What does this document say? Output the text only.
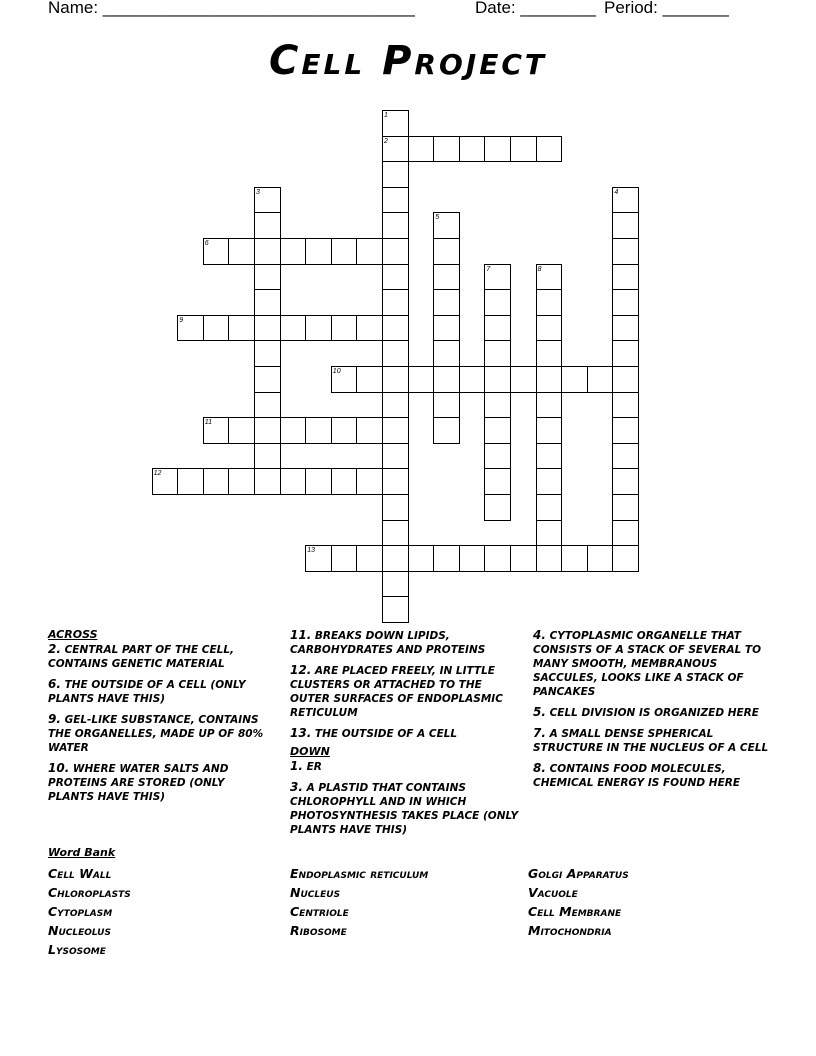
Name: _________________________________	Date: ________ Period: _______
Cell Project
1
2
3	4
5
6
7	8
9
10
11
12
13
ACROSS
2. CENTRAL PART OF THE CELL, CONTAINS GENETIC MATERIAL
6. THE OUTSIDE OF A CELL (ONLY PLANTS HAVE THIS)
9. GEL-LIKE SUBSTANCE, CONTAINS THE ORGANELLES, MADE UP OF 80% WATER
10. WHERE WATER SALTS AND PROTEINS ARE STORED (ONLY PLANTS HAVE THIS)
11. BREAKS DOWN LIPIDS, CARBOHYDRATES AND PROTEINS
12. ARE PLACED FREELY, IN LITTLE CLUSTERS OR ATTACHED TO THE OUTER SURFACES OF ENDOPLASMIC RETICULUM
13. THE OUTSIDE OF A CELL
DOWN
1. ER
3. A PLASTID THAT CONTAINS CHLOROPHYLL AND IN WHICH PHOTOSYNTHESIS TAKES PLACE (ONLY PLANTS HAVE THIS)
4. CYTOPLASMIC ORGANELLE THAT CONSISTS OF A STACK OF SEVERAL TO MANY SMOOTH, MEMBRANOUS SACCULES, LOOKS LIKE A STACK OF PANCAKES
5. CELL DIVISION IS ORGANIZED HERE
7. A SMALL DENSE SPHERICAL STRUCTURE IN THE NUCLEUS OF A CELL
8. CONTAINS FOOD MOLECULES, CHEMICAL ENERGY IS FOUND HERE
Word Bank
Cell Wall
Chloroplasts
Cytoplasm
Nucleolus
Lysosome
Endoplasmic reticulum
Nucleus
Centriole
Ribosome
Golgi Apparatus
Vacuole
Cell Membrane
Mitochondria
